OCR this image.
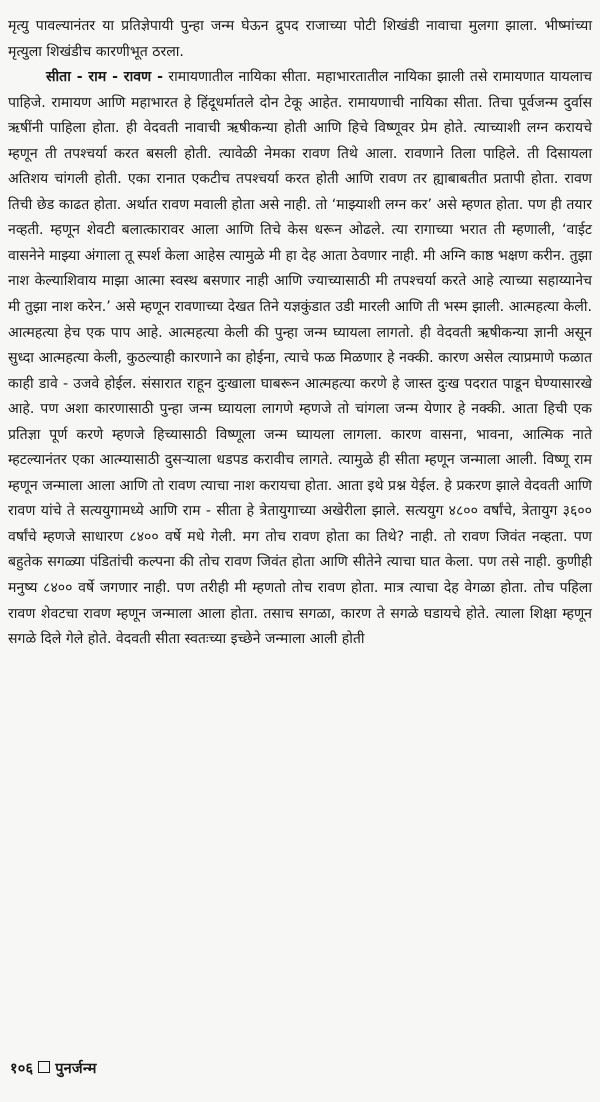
मृत्यु पावल्यानंतर या प्रतिज्ञेपायी पुन्हा जन्म घेऊन द्रुपद राजाच्या पोटी शिखंडी नावाचा मुलगा झाला. भीष्मांच्या मृत्युला शिखंडीच कारणीभूत ठरला.

सीता - राम - रावण - रामायणातील नायिका सीता. महाभारतातील नायिका झाली तसे रामायणात यायलाच पाहिजे. रामायण आणि महाभारत हे हिंदूधर्मातले दोन टेकू आहेत. रामायणाची नायिका सीता. तिचा पूर्वजन्म दुर्वास ऋषींनी पाहिला होता. ही वेदवती नावाची ऋषीकन्या होती आणि हिचे विष्णूवर प्रेम होते. त्याच्याशी लग्न करायचे म्हणून ती तपश्चर्या करत बसली होती. त्यावेळी नेमका रावण तिथे आला. रावणाने तिला पाहिले. ती दिसायला अतिशय चांगली होती. एका रानात एकटीच तपश्चर्या करत होती आणि रावण तर ह्याबाबतीत प्रतापी होता. रावण तिची छेड काढत होता. अर्थात रावण मवाली होता असे नाही. तो ‘माझ्याशी लग्न कर’ असे म्हणत होता. पण ही तयार नव्हती. म्हणून शेवटी बलात्कारावर आला आणि तिचे केस धरून ओढले. त्या रागाच्या भरात ती म्हणाली, ‘वाईट वासनेने माझ्या अंगाला तू स्पर्श केला आहेस त्यामुळे मी हा देह आता ठेवणार नाही. मी अग्नि काष्ठ भक्षण करीन. तुझा नाश केल्याशिवाय माझा आत्मा स्वस्थ बसणार नाही आणि ज्याच्यासाठी मी तपश्चर्या करते आहे त्याच्या सहाय्यानेच मी तुझा नाश करेन.’ असे म्हणून रावणाच्या देखत तिने यज्ञकुंडात उडी मारली आणि ती भस्म झाली. आत्महत्या केली. आत्महत्या हेच एक पाप आहे. आत्महत्या केली की पुन्हा जन्म घ्यायला लागतो. ही वेदवती ऋषीकन्या ज्ञानी असून सुध्दा आत्महत्या केली, कुठल्याही कारणाने का होईना, त्याचे फळ मिळणार हे नक्की. कारण असेल त्याप्रमाणे फळात काही डावे - उजवे होईल. संसारात राहून दुःखाला घाबरून आत्महत्या करणे हे जास्त दुःख पदरात पाडून घेण्यासारखे आहे. पण अशा कारणासाठी पुन्हा जन्म घ्यायला लागणे म्हणजे तो चांगला जन्म येणार हे नक्की. आता हिची एक प्रतिज्ञा पूर्ण करणे म्हणजे हिच्यासाठी विष्णूला जन्म घ्यायला लागला. कारण वासना, भावना, आत्मिक नाते म्हटल्यानंतर एका आत्म्यासाठी दुसऱ्याला धडपड करावीच लागते. त्यामुळे ही सीता म्हणून जन्माला आली. विष्णू राम म्हणून जन्माला आला आणि तो रावण त्याचा नाश करायचा होता. आता इथे प्रश्न येईल. हे प्रकरण झाले वेदवती आणि रावण यांचे ते सत्ययुगामध्ये आणि राम - सीता हे त्रेतायुगाच्या अखेरीला झाले. सत्ययुग ४८०० वर्षांचे, त्रेतायुग ३६०० वर्षांचे म्हणजे साधारण ८४०० वर्षे मधे गेली. मग तोच रावण होता का तिथे? नाही. तो रावण जिवंत नव्हता. पण बहुतेक सगळ्या पंडितांची कल्पना की तोच रावण जिवंत होता आणि सीतेने त्याचा घात केला. पण तसे नाही. कुणीही मनुष्य ८४०० वर्षे जगणार नाही. पण तरीही मी म्हणतो तोच रावण होता. मात्र त्याचा देह वेगळा होता. तोच पहिला रावण शेवटचा रावण म्हणून जन्माला आला होता. तसाच सगळा, कारण ते सगळे घडायचे होते. त्याला शिक्षा म्हणून सगळे दिले गेले होते. वेदवती सीता स्वतःच्या इच्छेने जन्माला आली होती

१०६ पुनर्जन्म
